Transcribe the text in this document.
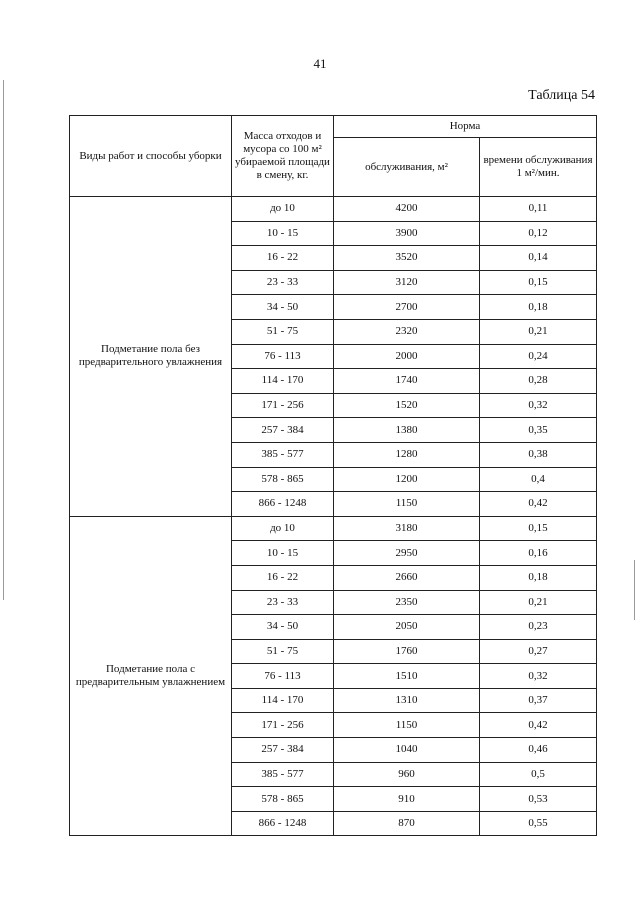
41
Таблица 54
Виды работ и способы уборки	Масса отходов и мусора со 100 м² убираемой площади в смену, кг.	Норма	
		обслуживания, м²	времени обслуживания 1 м²/мин.
Подметание пола без предварительного увлажнения	до 10	4200	0,11
	10 - 15	3900	0,12
	16 - 22	3520	0,14
	23 - 33	3120	0,15
	34 - 50	2700	0,18
	51 - 75	2320	0,21
	76 - 113	2000	0,24
	114 - 170	1740	0,28
	171 - 256	1520	0,32
	257 - 384	1380	0,35
	385 - 577	1280	0,38
	578 - 865	1200	0,4
	866 - 1248	1150	0,42
Подметание пола с предварительным увлажнением	до 10	3180	0,15
	10 - 15	2950	0,16
	16 - 22	2660	0,18
	23 - 33	2350	0,21
	34 - 50	2050	0,23
	51 - 75	1760	0,27
	76 - 113	1510	0,32
	114 - 170	1310	0,37
	171 - 256	1150	0,42
	257 - 384	1040	0,46
	385 - 577	960	0,5
	578 - 865	910	0,53
	866 - 1248	870	0,55
